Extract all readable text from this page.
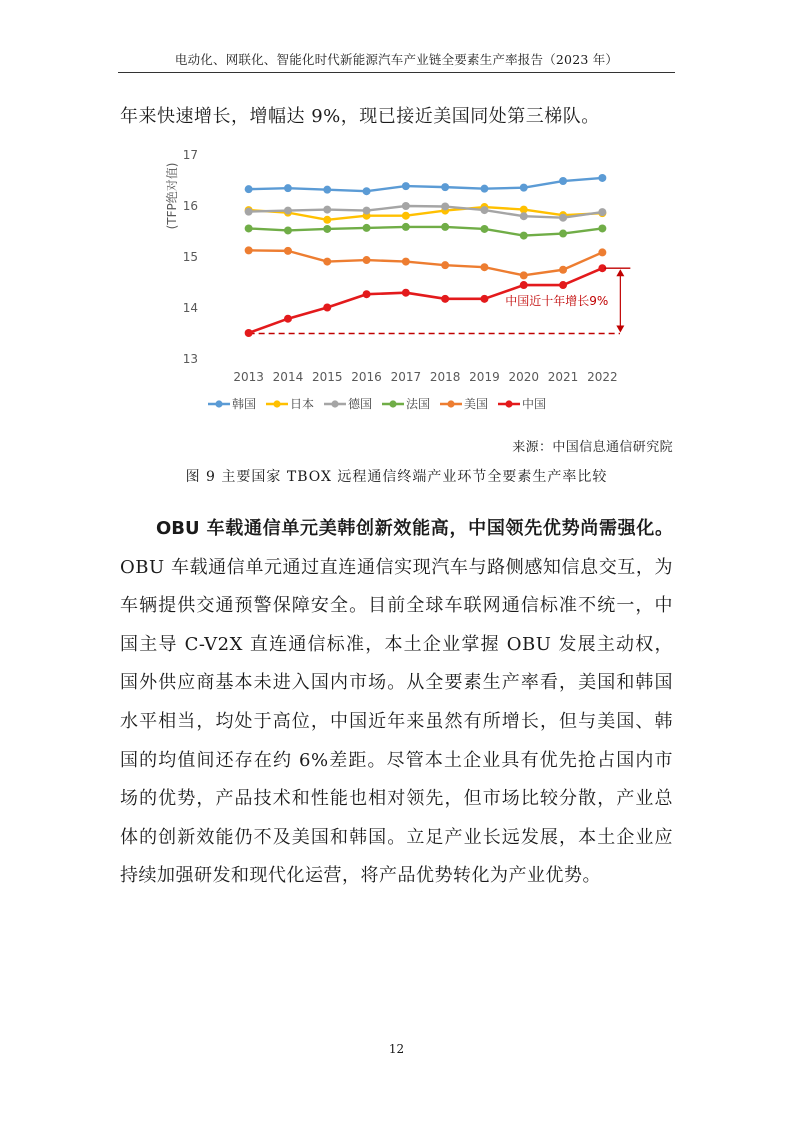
电动化、网联化、智能化时代新能源汽车产业链全要素生产率报告（2023 年）
年来快速增长，增幅达 9%，现已接近美国同处第三梯队。
(TFP绝对值)
13
14
15
16
17
2013 2014 2015 2016 2017 2018 2019 2020 2021 2022
中国近十年增长9%
韩国	日本	德国	法国	美国	中国
来源：中国信息通信研究院
图 9 主要国家 TBOX 远程通信终端产业环节全要素生产率比较
OBU 车载通信单元美韩创新效能高，中国领先优势尚需强化。OBU 车载通信单元通过直连通信实现汽车与路侧感知信息交互，为车辆提供交通预警保障安全。目前全球车联网通信标准不统一，中国主导 C-V2X 直连通信标准，本土企业掌握 OBU 发展主动权，国外供应商基本未进入国内市场。从全要素生产率看，美国和韩国水平相当，均处于高位，中国近年来虽然有所增长，但与美国、韩国的均值间还存在约 6%差距。尽管本土企业具有优先抢占国内市场的优势，产品技术和性能也相对领先，但市场比较分散，产业总体的创新效能仍不及美国和韩国。立足产业长远发展，本土企业应持续加强研发和现代化运营，将产品优势转化为产业优势。
12
